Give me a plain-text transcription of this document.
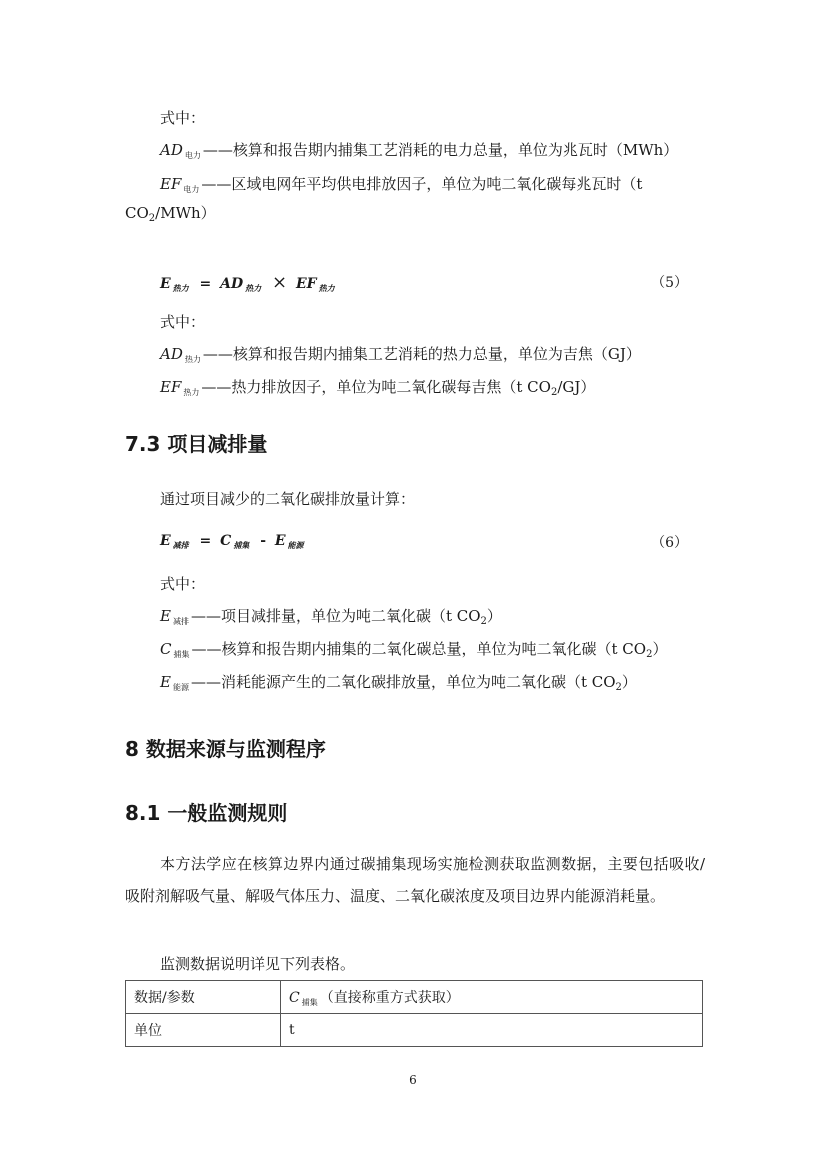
式中：
AD $_{电力}$ ——核算和报告期内捕集工艺消耗的电力总量，单位为兆瓦时（MWh）
EF $_{电力}$ ——区域电网年平均供电排放因子，单位为吨二氧化碳每兆瓦时（t
$CO_2/MWh$）
E $_{热力}$ = AD $_{热力}$ × EF $_{热力}$	（5）
式中：
AD $_{热力}$ ——核算和报告期内捕集工艺消耗的热力总量，单位为吉焦（GJ）
EF $_{热力}$ ——热力排放因子，单位为吨二氧化碳每吉焦（t $CO_2/GJ$）
7.3 项目减排量
通过项目减少的二氧化碳排放量计算：
E $_{减排}$ = C $_{捕集}$ - E $_{能源}$	（6）
式中：
E $_{减排}$ ——项目减排量，单位为吨二氧化碳（t $CO_2$）
C $_{捕集}$ ——核算和报告期内捕集的二氧化碳总量，单位为吨二氧化碳（t $CO_2$）
E $_{能源}$ ——消耗能源产生的二氧化碳排放量，单位为吨二氧化碳（t $CO_2$）
8 数据来源与监测程序
8.1 一般监测规则
本方法学应在核算边界内通过碳捕集现场实施检测获取监测数据，主要包括吸收/吸附剂解吸气量、解吸气体压力、温度、二氧化碳浓度及项目边界内能源消耗量。
监测数据说明详见下列表格。
数据/参数	C $_{捕集}$ （直接称重方式获取）
单位	t
6
